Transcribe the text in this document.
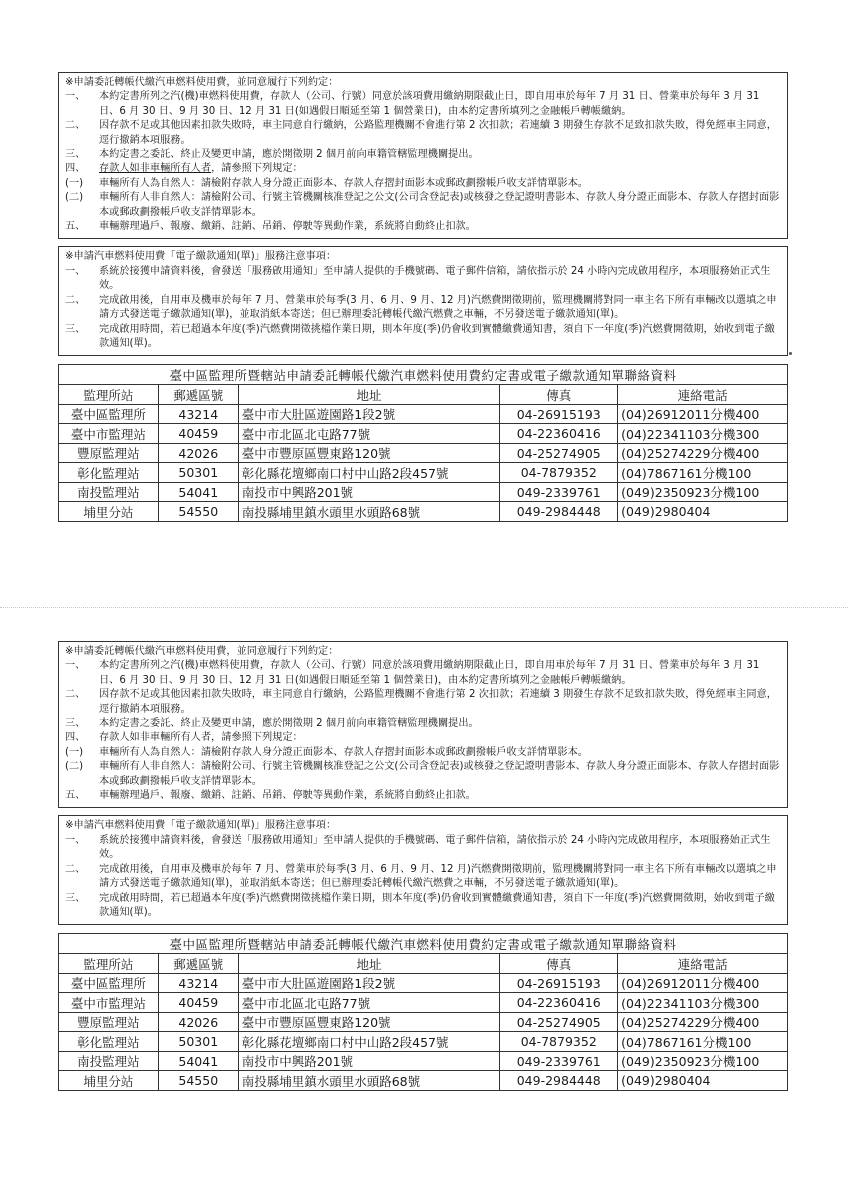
※申請委託轉帳代繳汽車燃料使用費，並同意履行下列約定：
一、	本約定書所列之汽(機)車燃料使用費，存款人（公司、行號）同意於該項費用繳納期限截止日，即自用車於每年 7 月 31 日、營業車於每年 3 月 31 日、6 月 30 日、9 月 30 日、12 月 31 日(如遇假日順延至第 1 個營業日)，由本約定書所填列之金融帳戶轉帳繳納。
二、	因存款不足或其他因素扣款失敗時，車主同意自行繳納，公路監理機關不會進行第 2 次扣款；若連續 3 期發生存款不足致扣款失敗，得免經車主同意，逕行撤銷本項服務。
三、	本約定書之委託、終止及變更申請，應於開徵期 2 個月前向車籍管轄監理機關提出。
四、	存款人如非車輛所有人者，請參照下列規定：
(一)	車輛所有人為自然人：請檢附存款人身分證正面影本、存款人存摺封面影本或郵政劃撥帳戶收支詳情單影本。
(二)	車輛所有人非自然人：請檢附公司、行號主管機關核准登記之公文(公司含登記表)或核發之登記證明書影本、存款人身分證正面影本、存款人存摺封面影本或郵政劃撥帳戶收支詳情單影本。
五、	車輛辦理過戶、報廢、繳銷、註銷、吊銷、停駛等異動作業，系統將自動終止扣款。
※申請汽車燃料使用費「電子繳款通知(單)」服務注意事項：
一、	系統於接獲申請資料後，會發送「服務啟用通知」至申請人提供的手機號碼、電子郵件信箱，請依指示於 24 小時內完成啟用程序，本項服務始正式生效。
二、	完成啟用後，自用車及機車於每年 7 月、營業車於每季(3 月、6 月、9 月、12 月)汽燃費開徵期前，監理機關將對同一車主名下所有車輛改以選填之申請方式發送電子繳款通知(單)，並取消紙本寄送；但已辦理委託轉帳代繳汽燃費之車輛，不另發送電子繳款通知(單)。
三、	完成啟用時間，若已超過本年度(季)汽燃費開徵挑檔作業日期，則本年度(季)仍會收到實體繳費通知書，須自下一年度(季)汽燃費開徵期，始收到電子繳款通知(單)。
臺中區監理所暨轄站申請委託轉帳代繳汽車燃料使用費約定書或電子繳款通知單聯絡資料				
監理所站	郵遞區號	地址	傳真	連絡電話
臺中區監理所	43214	臺中市大肚區遊園路1段2號	04-26915193	(04)26912011分機400
臺中市監理站	40459	臺中市北區北屯路77號	04-22360416	(04)22341103分機300
豐原監理站	42026	臺中市豐原區豐東路120號	04-25274905	(04)25274229分機400
彰化監理站	50301	彰化縣花壇鄉南口村中山路2段457號	04-7879352	(04)7867161分機100
南投監理站	54041	南投市中興路201號	049-2339761	(049)2350923分機100
埔里分站	54550	南投縣埔里鎮水頭里水頭路68號	049-2984448	(049)2980404
※申請委託轉帳代繳汽車燃料使用費，並同意履行下列約定：
一、	本約定書所列之汽(機)車燃料使用費，存款人（公司、行號）同意於該項費用繳納期限截止日，即自用車於每年 7 月 31 日、營業車於每年 3 月 31 日、6 月 30 日、9 月 30 日、12 月 31 日(如遇假日順延至第 1 個營業日)，由本約定書所填列之金融帳戶轉帳繳納。
二、	因存款不足或其他因素扣款失敗時，車主同意自行繳納，公路監理機關不會進行第 2 次扣款；若連續 3 期發生存款不足致扣款失敗，得免經車主同意，逕行撤銷本項服務。
三、	本約定書之委託、終止及變更申請，應於開徵期 2 個月前向車籍管轄監理機關提出。
四、	存款人如非車輛所有人者，請參照下列規定：
(一)	車輛所有人為自然人：請檢附存款人身分證正面影本、存款人存摺封面影本或郵政劃撥帳戶收支詳情單影本。
(二)	車輛所有人非自然人：請檢附公司、行號主管機關核准登記之公文(公司含登記表)或核發之登記證明書影本、存款人身分證正面影本、存款人存摺封面影本或郵政劃撥帳戶收支詳情單影本。
五、	車輛辦理過戶、報廢、繳銷、註銷、吊銷、停駛等異動作業，系統將自動終止扣款。
※申請汽車燃料使用費「電子繳款通知(單)」服務注意事項：
一、	系統於接獲申請資料後，會發送「服務啟用通知」至申請人提供的手機號碼、電子郵件信箱，請依指示於 24 小時內完成啟用程序，本項服務始正式生效。
二、	完成啟用後，自用車及機車於每年 7 月、營業車於每季(3 月、6 月、9 月、12 月)汽燃費開徵期前，監理機關將對同一車主名下所有車輛改以選填之申請方式發送電子繳款通知(單)，並取消紙本寄送；但已辦理委託轉帳代繳汽燃費之車輛，不另發送電子繳款通知(單)。
三、	完成啟用時間，若已超過本年度(季)汽燃費開徵挑檔作業日期，則本年度(季)仍會收到實體繳費通知書，須自下一年度(季)汽燃費開徵期，始收到電子繳款通知(單)。
臺中區監理所暨轄站申請委託轉帳代繳汽車燃料使用費約定書或電子繳款通知單聯絡資料				
監理所站	郵遞區號	地址	傳真	連絡電話
臺中區監理所	43214	臺中市大肚區遊園路1段2號	04-26915193	(04)26912011分機400
臺中市監理站	40459	臺中市北區北屯路77號	04-22360416	(04)22341103分機300
豐原監理站	42026	臺中市豐原區豐東路120號	04-25274905	(04)25274229分機400
彰化監理站	50301	彰化縣花壇鄉南口村中山路2段457號	04-7879352	(04)7867161分機100
南投監理站	54041	南投市中興路201號	049-2339761	(049)2350923分機100
埔里分站	54550	南投縣埔里鎮水頭里水頭路68號	049-2984448	(049)2980404
